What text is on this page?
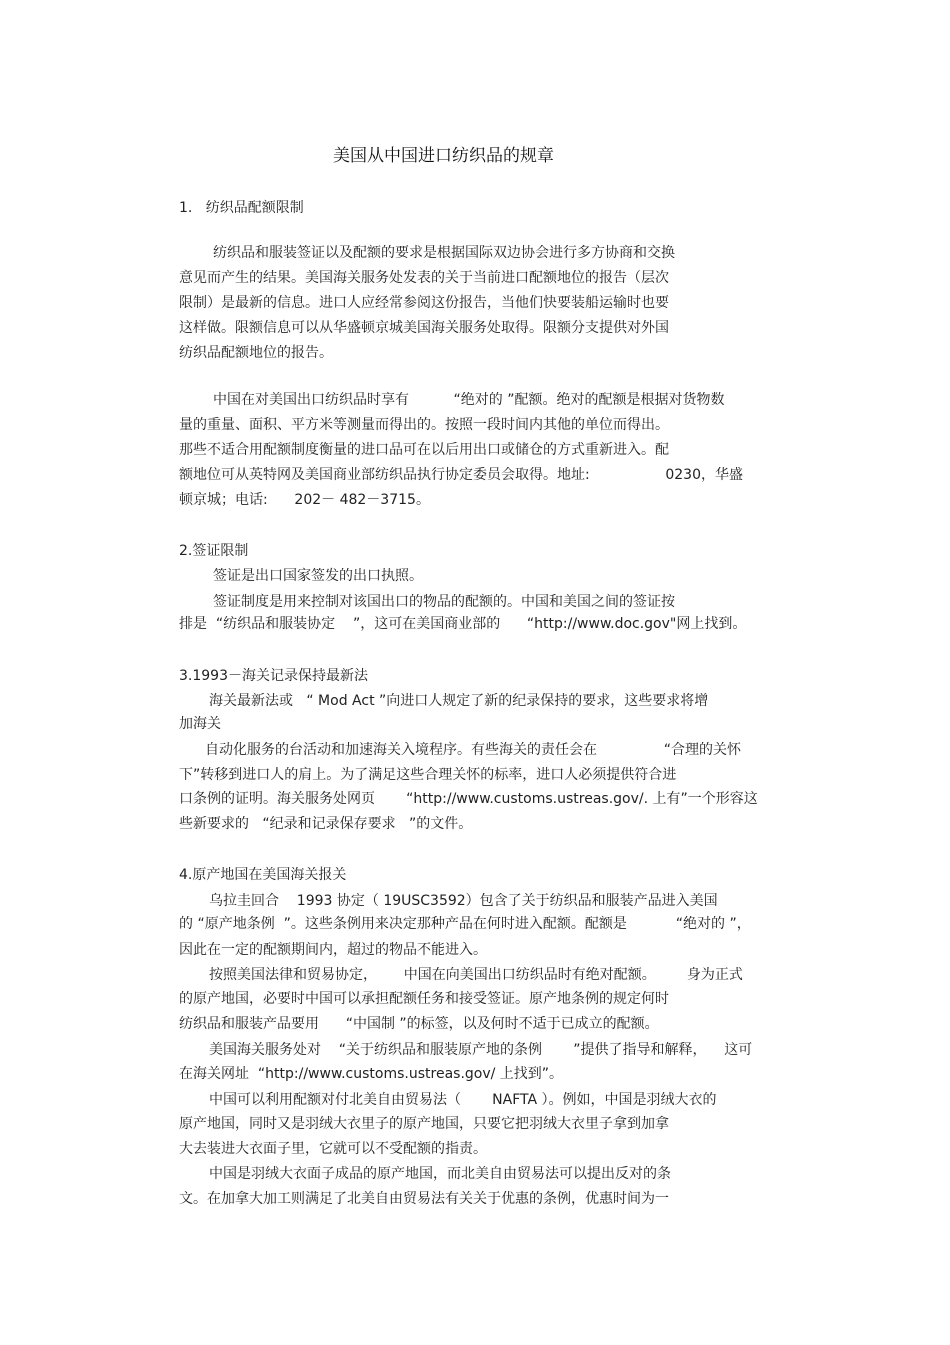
美国从中国进口纺织品的规章
1.   纺织品配额限制
纺织品和服装签证以及配额的要求是根据国际双边协会进行多方协商和交换
意见而产生的结果。美国海关服务处发表的关于当前进口配额地位的报告（层次
限制）是最新的信息。进口人应经常参阅这份报告，当他们快要装船运输时也要
这样做。限额信息可以从华盛顿京城美国海关服务处取得。限额分支提供对外国
纺织品配额地位的报告。
中国在对美国出口纺织品时享有          “绝对的 ”配额。绝对的配额是根据对货物数
量的重量、面积、平方米等测量而得出的。按照一段时间内其他的单位而得出。
那些不适合用配额制度衡量的进口品可在以后用出口或储仓的方式重新进入。配
额地位可从英特网及美国商业部纺织品执行协定委员会取得。地址:                 0230，华盛
顿京城；电话:      202－ 482－3715。
2.签证限制
签证是出口国家签发的出口执照。
签证制度是用来控制对该国出口的物品的配额的。中国和美国之间的签证按
排是  “纺织品和服装协定    ”，这可在美国商业部的      “http://www.doc.gov"网上找到。
3.1993－海关记录保持最新法
海关最新法或   “ Mod Act ”向进口人规定了新的纪录保持的要求，这些要求将增
加海关
自动化服务的台活动和加速海关入境程序。有些海关的责任会在               “合理的关怀
下”转移到进口人的肩上。为了满足这些合理关怀的标率，进口人必须提供符合进
口条例的证明。海关服务处网页       “http://www.customs.ustreas.gov/. 上有”一个形容这
些新要求的   “纪录和记录保存要求   ”的文件。
4.原产地国在美国海关报关
乌拉圭回合    1993 协定（ 19USC3592）包含了关于纺织品和服装产品进入美国
的 “原产地条例  ”。这些条例用来决定那种产品在何时进入配额。配额是           “绝对的 ”，
因此在一定的配额期间内，超过的物品不能进入。
按照美国法律和贸易协定，      中国在向美国出口纺织品时有绝对配额。       身为正式
的原产地国，必要时中国可以承担配额任务和接受签证。原产地条例的规定何时
纺织品和服装产品要用      “中国制 ”的标签，以及何时不适于已成立的配额。
美国海关服务处对    “关于纺织品和服装原产地的条例       ”提供了指导和解释，    这可
在海关网址  “http://www.customs.ustreas.gov/ 上找到”。
中国可以利用配额对付北美自由贸易法（       NAFTA ）。例如，中国是羽绒大衣的
原产地国，同时又是羽绒大衣里子的原产地国，只要它把羽绒大衣里子拿到加拿
大去装进大衣面子里，它就可以不受配额的指责。
中国是羽绒大衣面子成品的原产地国，而北美自由贸易法可以提出反对的条
文。在加拿大加工则满足了北美自由贸易法有关关于优惠的条例，优惠时间为一
